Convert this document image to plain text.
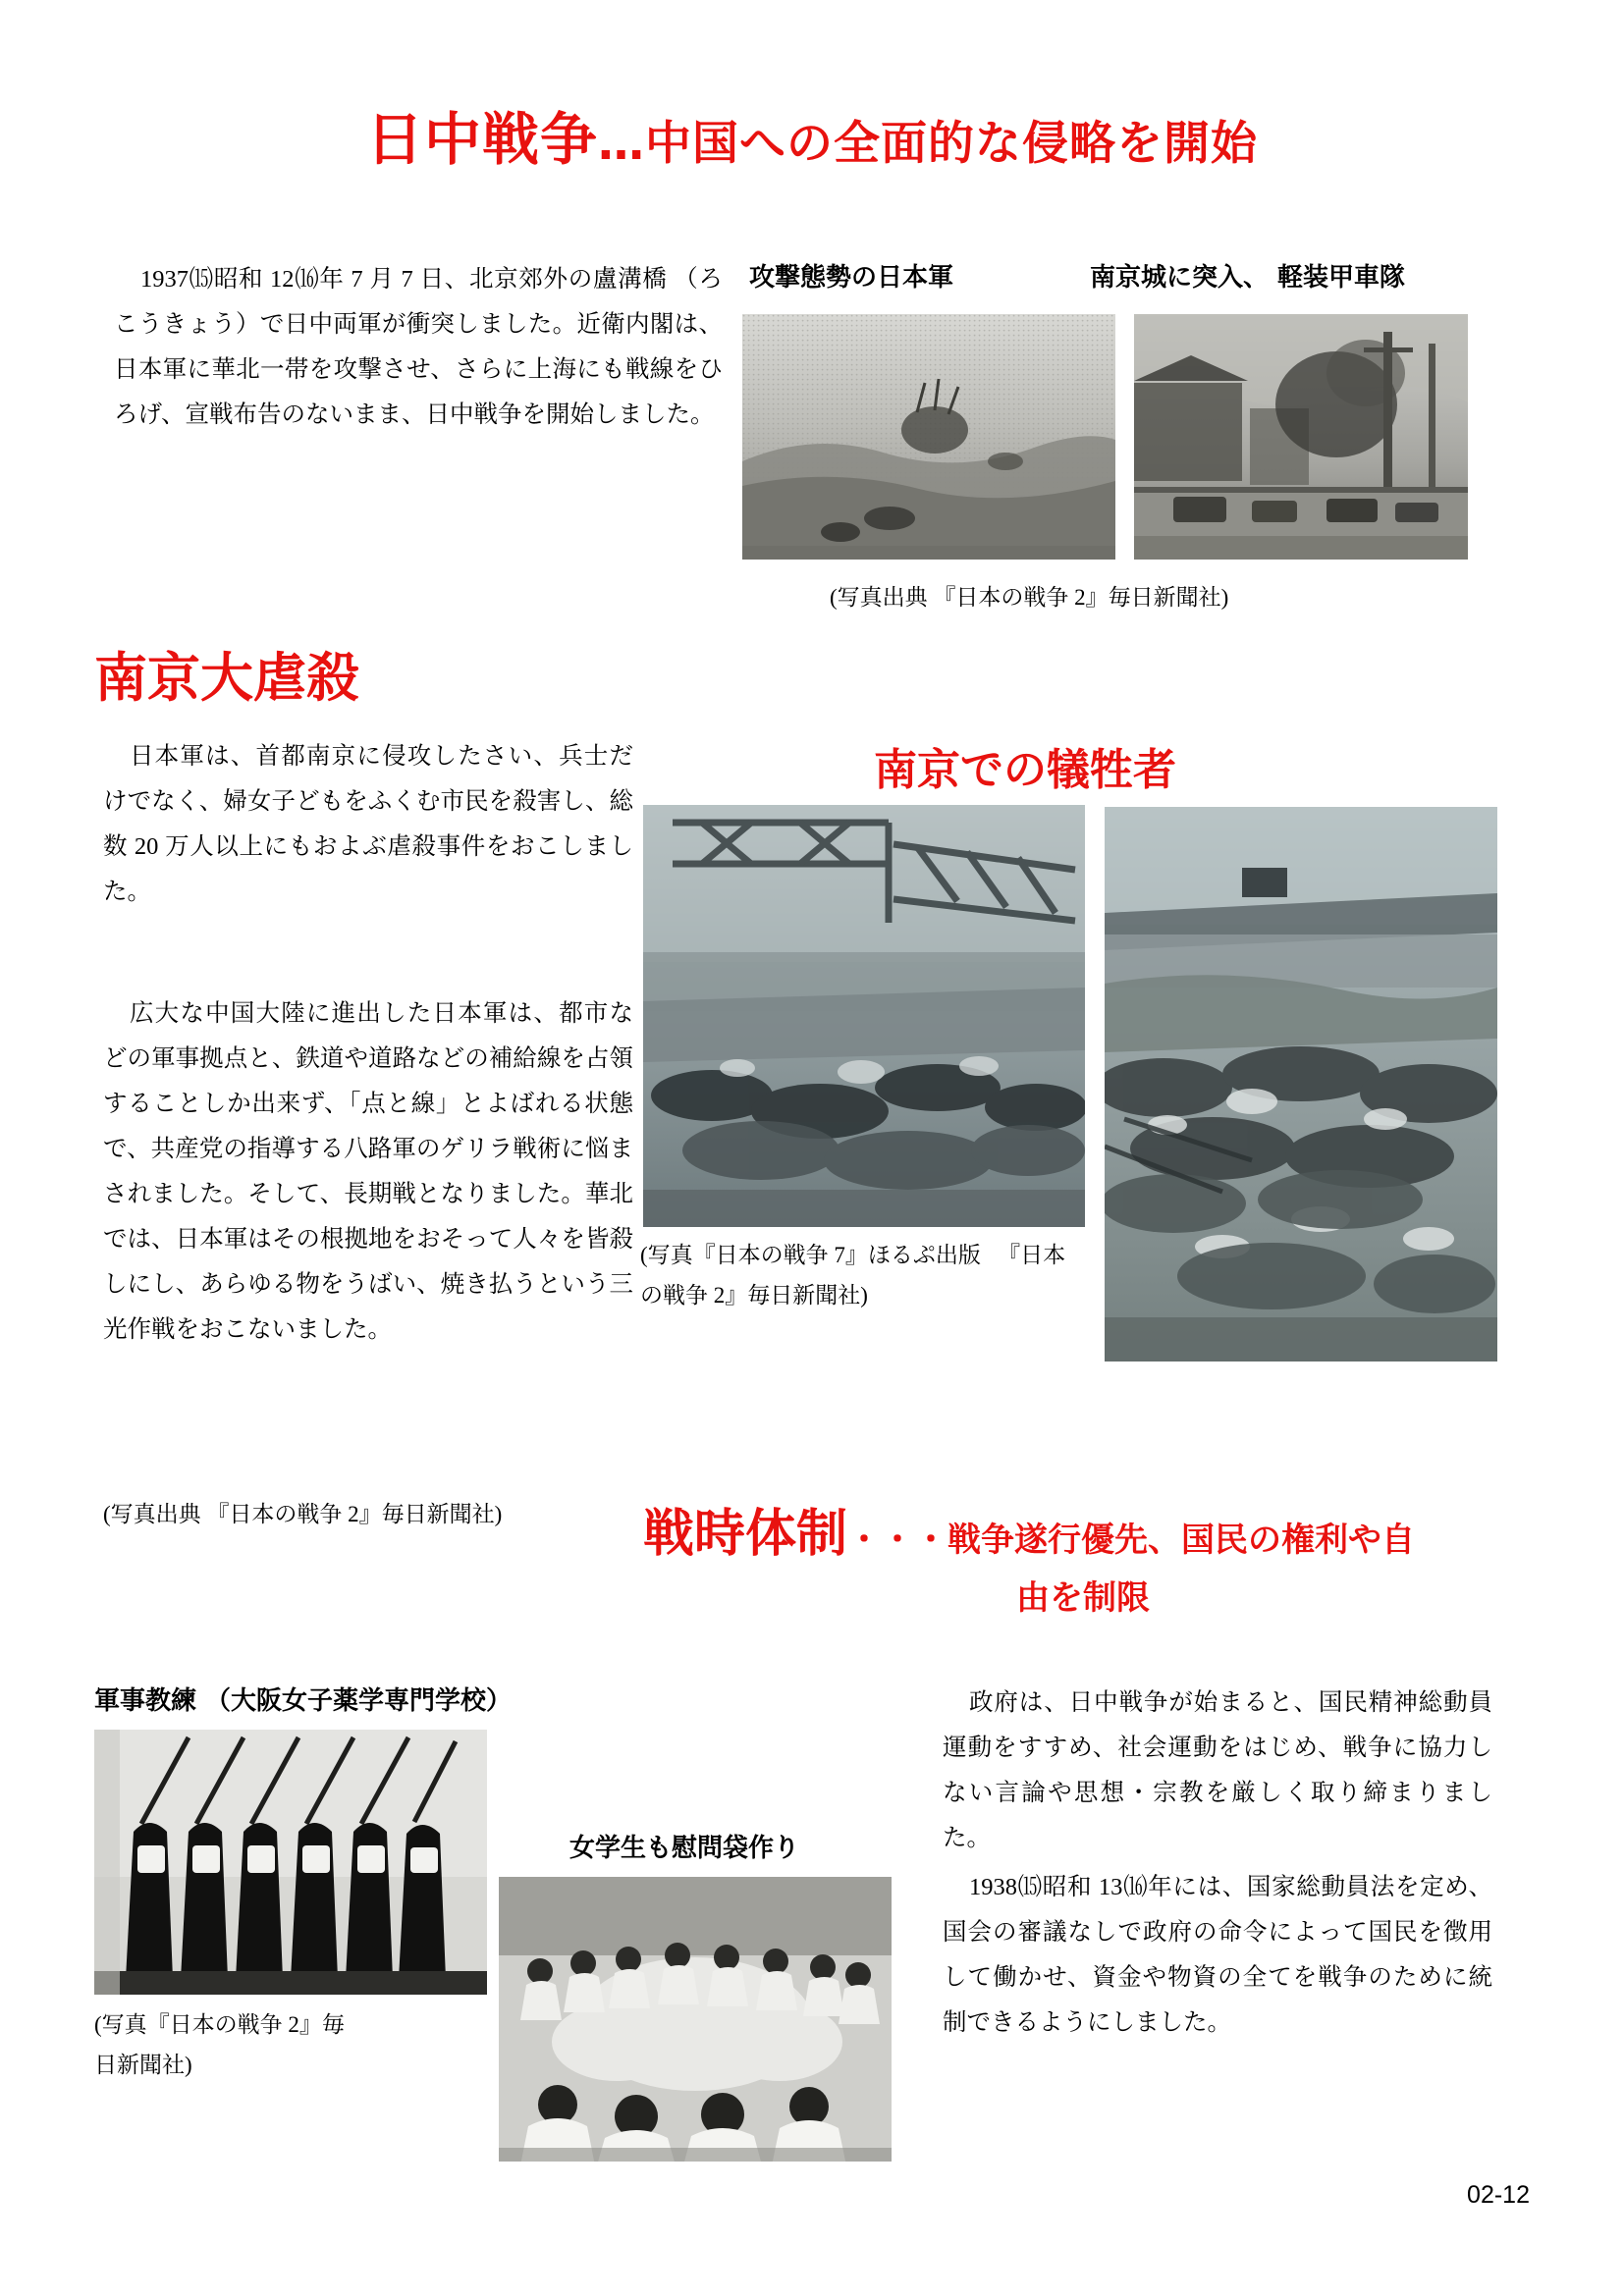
日中戦争…中国への全面的な侵略を開始

1937⒂昭和 12⒃年 7 月 7 日、北京郊外の盧溝橋 （ろこうきょう）で日中両軍が衝突しました。近衛内閣は、日本軍に華北一帯を攻撃させ、さらに上海にも戦線をひろげ、宣戦布告のないまま、日中戦争を開始しました。

攻撃態勢の日本軍	南京城に突入、 軽装甲車隊
(写真出典 『日本の戦争 2』毎日新聞社)
南京大虐殺

日本軍は、首都南京に侵攻したさい、兵士だけでなく、婦女子どもをふくむ市民を殺害し、総数 20 万人以上にもおよぶ虐殺事件をおこしました。

広大な中国大陸に進出した日本軍は、都市などの軍事拠点と、鉄道や道路などの補給線を占領することしか出来ず、「点と線」とよばれる状態で、共産党の指導する八路軍のゲリラ戦術に悩まされました。そして、長期戦となりました。華北では、日本軍はその根拠地をおそって人々を皆殺しにし、あらゆる物をうばい、焼き払うという三光作戦をおこないました。

(写真出典 『日本の戦争 2』毎日新聞社)
南京での犠牲者
(写真『日本の戦争 7』ほるぷ出版 　『日本の戦争 2』毎日新聞社)
戦時体制・・・戦争遂行優先、国民の権利や自
由を制限

政府は、日中戦争が始まると、国民精神総動員運動をすすめ、社会運動をはじめ、戦争に協力しない言論や思想・宗教を厳しく取り締まりました。

1938⒂昭和 13⒃年には、国家総動員法を定め、国会の審議なしで政府の命令によって国民を徴用して働かせ、資金や物資の全てを戦争のために統制できるようにしました。

軍事教練 （大阪女子薬学専門学校）
(写真『日本の戦争 2』毎日新聞社)
女学生も慰問袋作り
02-12
